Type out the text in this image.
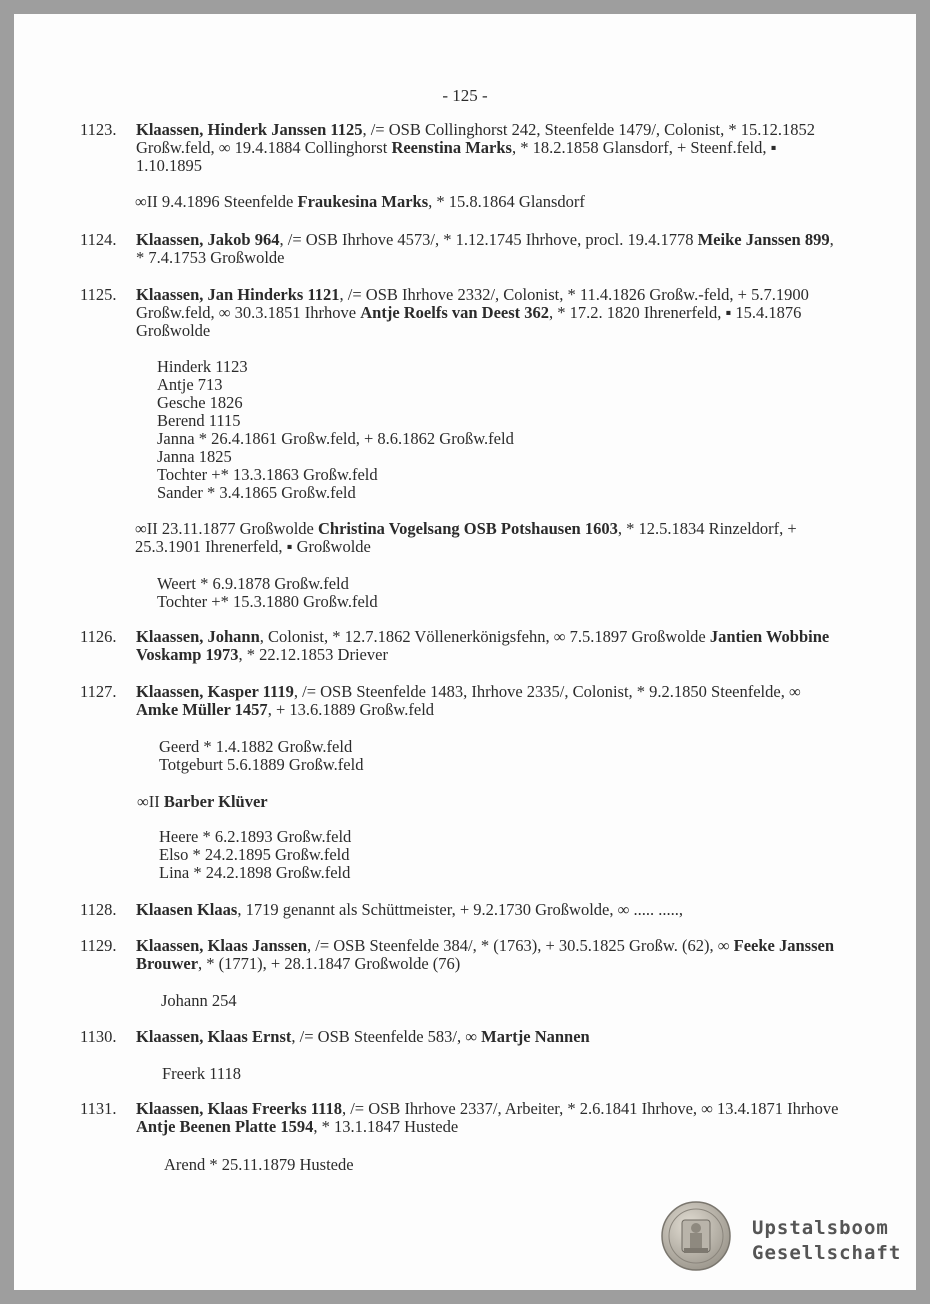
- 125 -
1123.	Klaassen, Hinderk Janssen 1125, /= OSB Collinghorst 242, Steenfelde 1479/, Colonist, * 15.12.1852 Großw.feld, ∞ 19.4.1884 Collinghorst Reenstina Marks, * 18.2.1858 Glansdorf, + Steenf.feld, ▪ 1.10.1895
∞II 9.4.1896 Steenfelde Fraukesina Marks, * 15.8.1864 Glansdorf
1124.	Klaassen, Jakob 964, /= OSB Ihrhove 4573/, * 1.12.1745 Ihrhove, procl. 19.4.1778 Meike Janssen 899, * 7.4.1753 Großwolde
1125.	Klaassen, Jan Hinderks 1121, /= OSB Ihrhove 2332/, Colonist, * 11.4.1826 Großw.-feld, + 5.7.1900 Großw.feld, ∞ 30.3.1851 Ihrhove Antje Roelfs van Deest 362, * 17.2. 1820 Ihrenerfeld, ▪ 15.4.1876 Großwolde
Hinderk 1123
Antje 713
Gesche 1826
Berend 1115
Janna * 26.4.1861 Großw.feld, + 8.6.1862 Großw.feld
Janna 1825
Tochter +* 13.3.1863 Großw.feld
Sander * 3.4.1865 Großw.feld
∞II 23.11.1877 Großwolde Christina Vogelsang OSB Potshausen 1603, * 12.5.1834 Rinzeldorf, + 25.3.1901 Ihrenerfeld, ▪ Großwolde
Weert * 6.9.1878 Großw.feld
Tochter +* 15.3.1880 Großw.feld
1126.	Klaassen, Johann, Colonist, * 12.7.1862 Völlenerkönigsfehn, ∞ 7.5.1897 Großwolde Jantien Wobbine Voskamp 1973, * 22.12.1853 Driever
1127.	Klaassen, Kasper 1119, /= OSB Steenfelde 1483, Ihrhove 2335/, Colonist, * 9.2.1850 Steenfelde, ∞ Amke Müller 1457, + 13.6.1889 Großw.feld
Geerd * 1.4.1882 Großw.feld
Totgeburt 5.6.1889 Großw.feld
∞II Barber Klüver
Heere * 6.2.1893 Großw.feld
Elso * 24.2.1895 Großw.feld
Lina * 24.2.1898 Großw.feld
1128.	Klaasen Klaas, 1719 genannt als Schüttmeister, + 9.2.1730 Großwolde, ∞ ..... .....,
1129.	Klaassen, Klaas Janssen, /= OSB Steenfelde 384/, * (1763), + 30.5.1825 Großw. (62), ∞ Feeke Janssen Brouwer, * (1771), + 28.1.1847 Großwolde (76)
Johann 254
1130.	Klaassen, Klaas Ernst, /= OSB Steenfelde 583/, ∞ Martje Nannen
Freerk 1118
1131.	Klaassen, Klaas Freerks 1118, /= OSB Ihrhove 2337/, Arbeiter, * 2.6.1841 Ihrhove, ∞ 13.4.1871 Ihrhove Antje Beenen Platte 1594, * 13.1.1847 Hustede
Arend * 25.11.1879 Hustede
Upstalsboom
Gesellschaft
